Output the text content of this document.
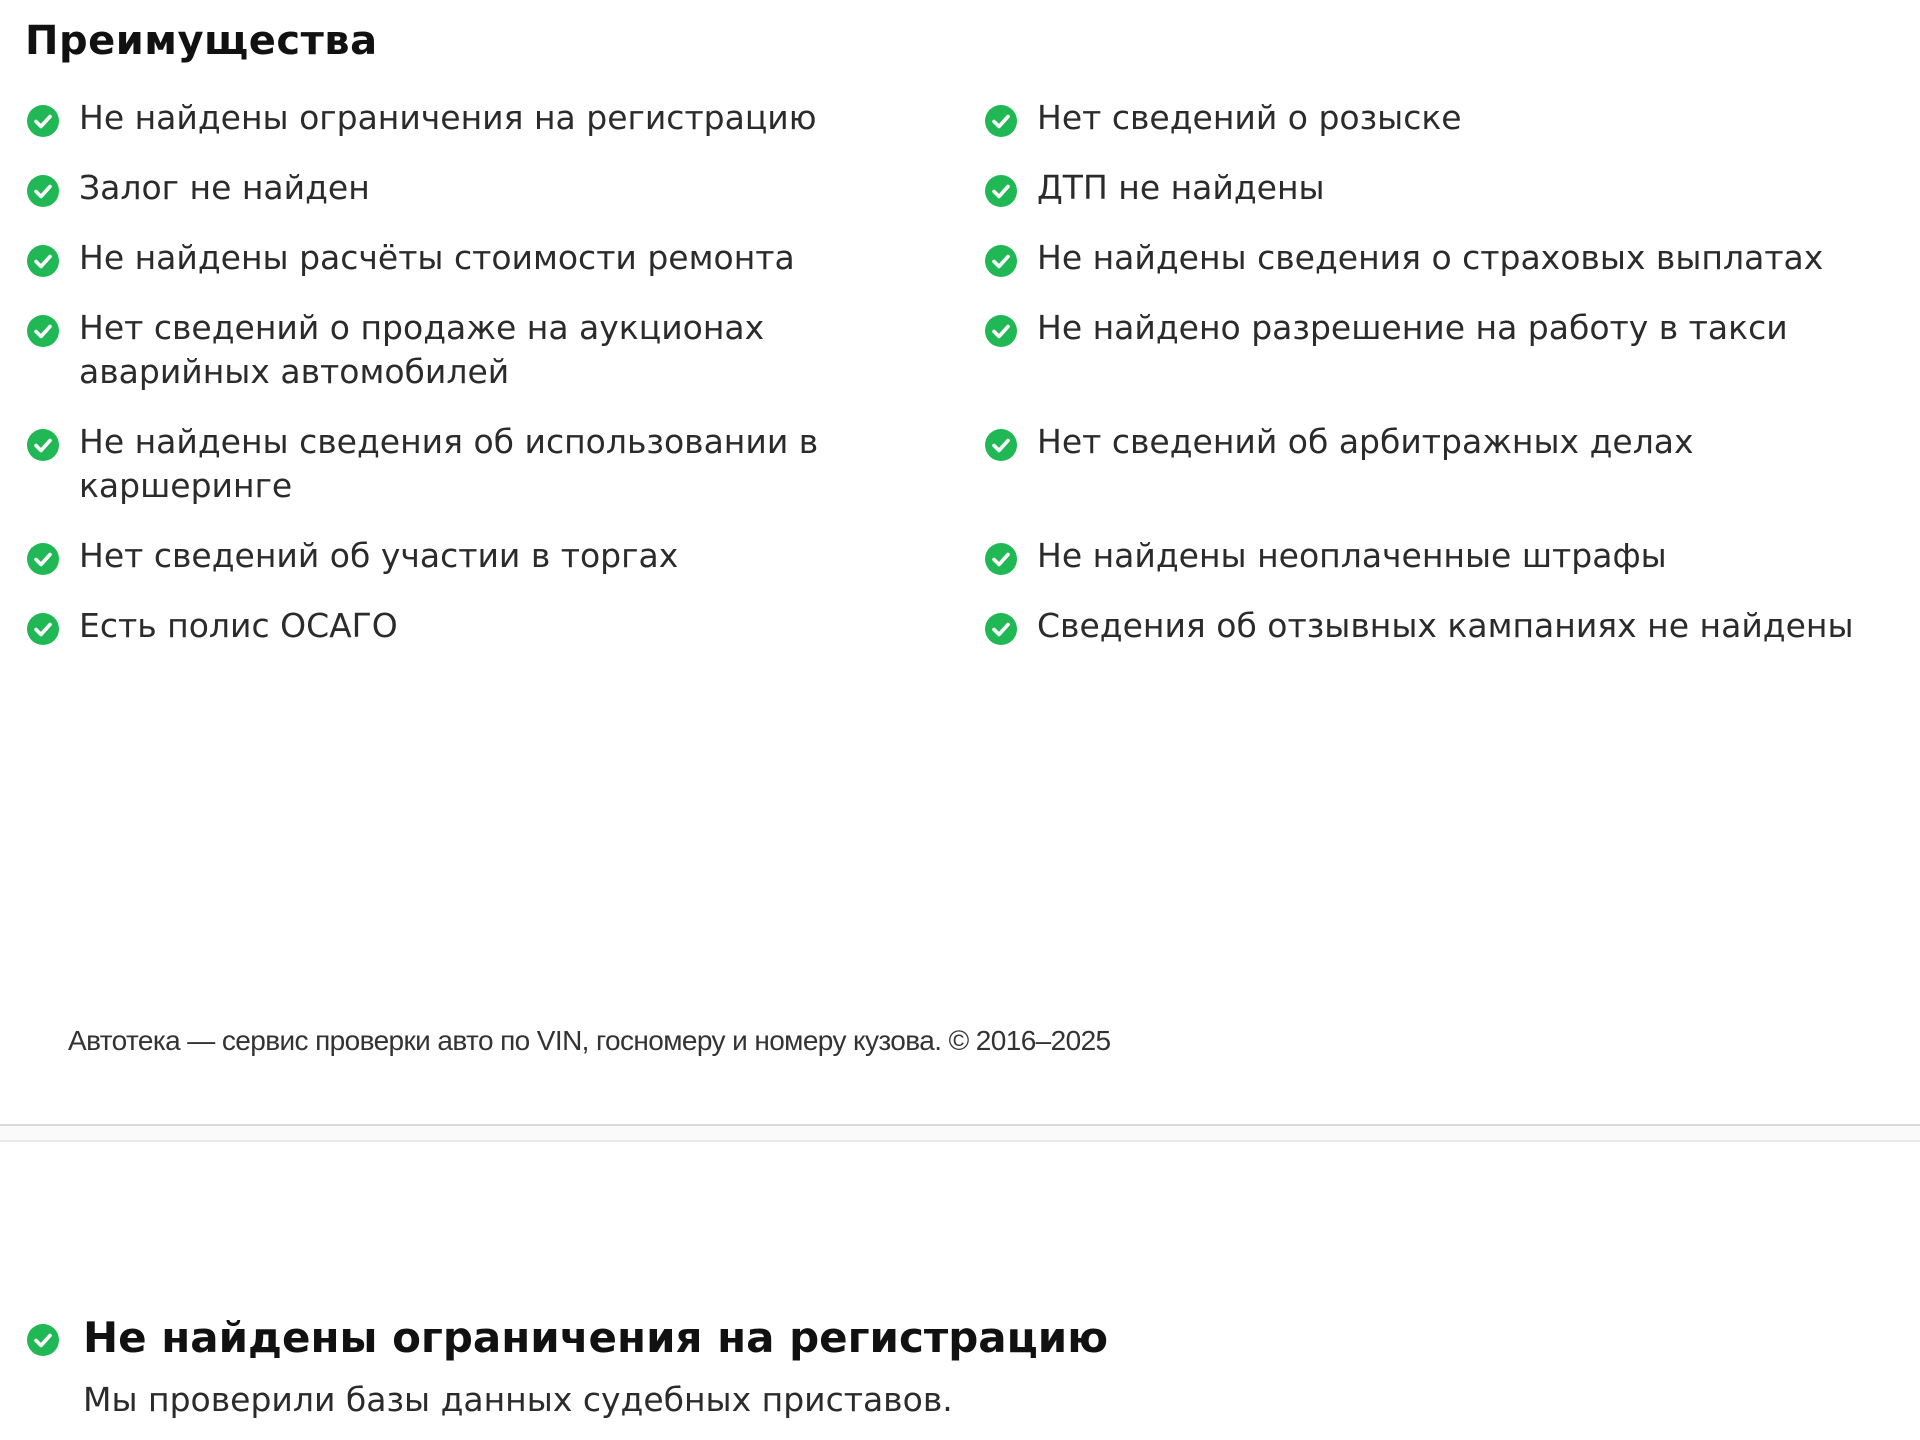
Преимущества
Не найдены ограничения на регистрацию
Залог не найден
Не найдены расчёты стоимости ремонта
Нет сведений о продаже на аукционах аварийных автомобилей
Не найдены сведения об использовании в каршеринге
Нет сведений об участии в торгах
Есть полис ОСАГО
Нет сведений о розыске
ДТП не найдены
Не найдены сведения о страховых выплатах
Не найдено разрешение на работу в такси
Нет сведений об арбитражных делах
Не найдены неоплаченные штрафы
Сведения об отзывных кампаниях не найдены
Автотека — сервис проверки авто по VIN, госномеру и номеру кузова. © 2016–2025
Не найдены ограничения на регистрацию

Мы проверили базы данных судебных приставов.
